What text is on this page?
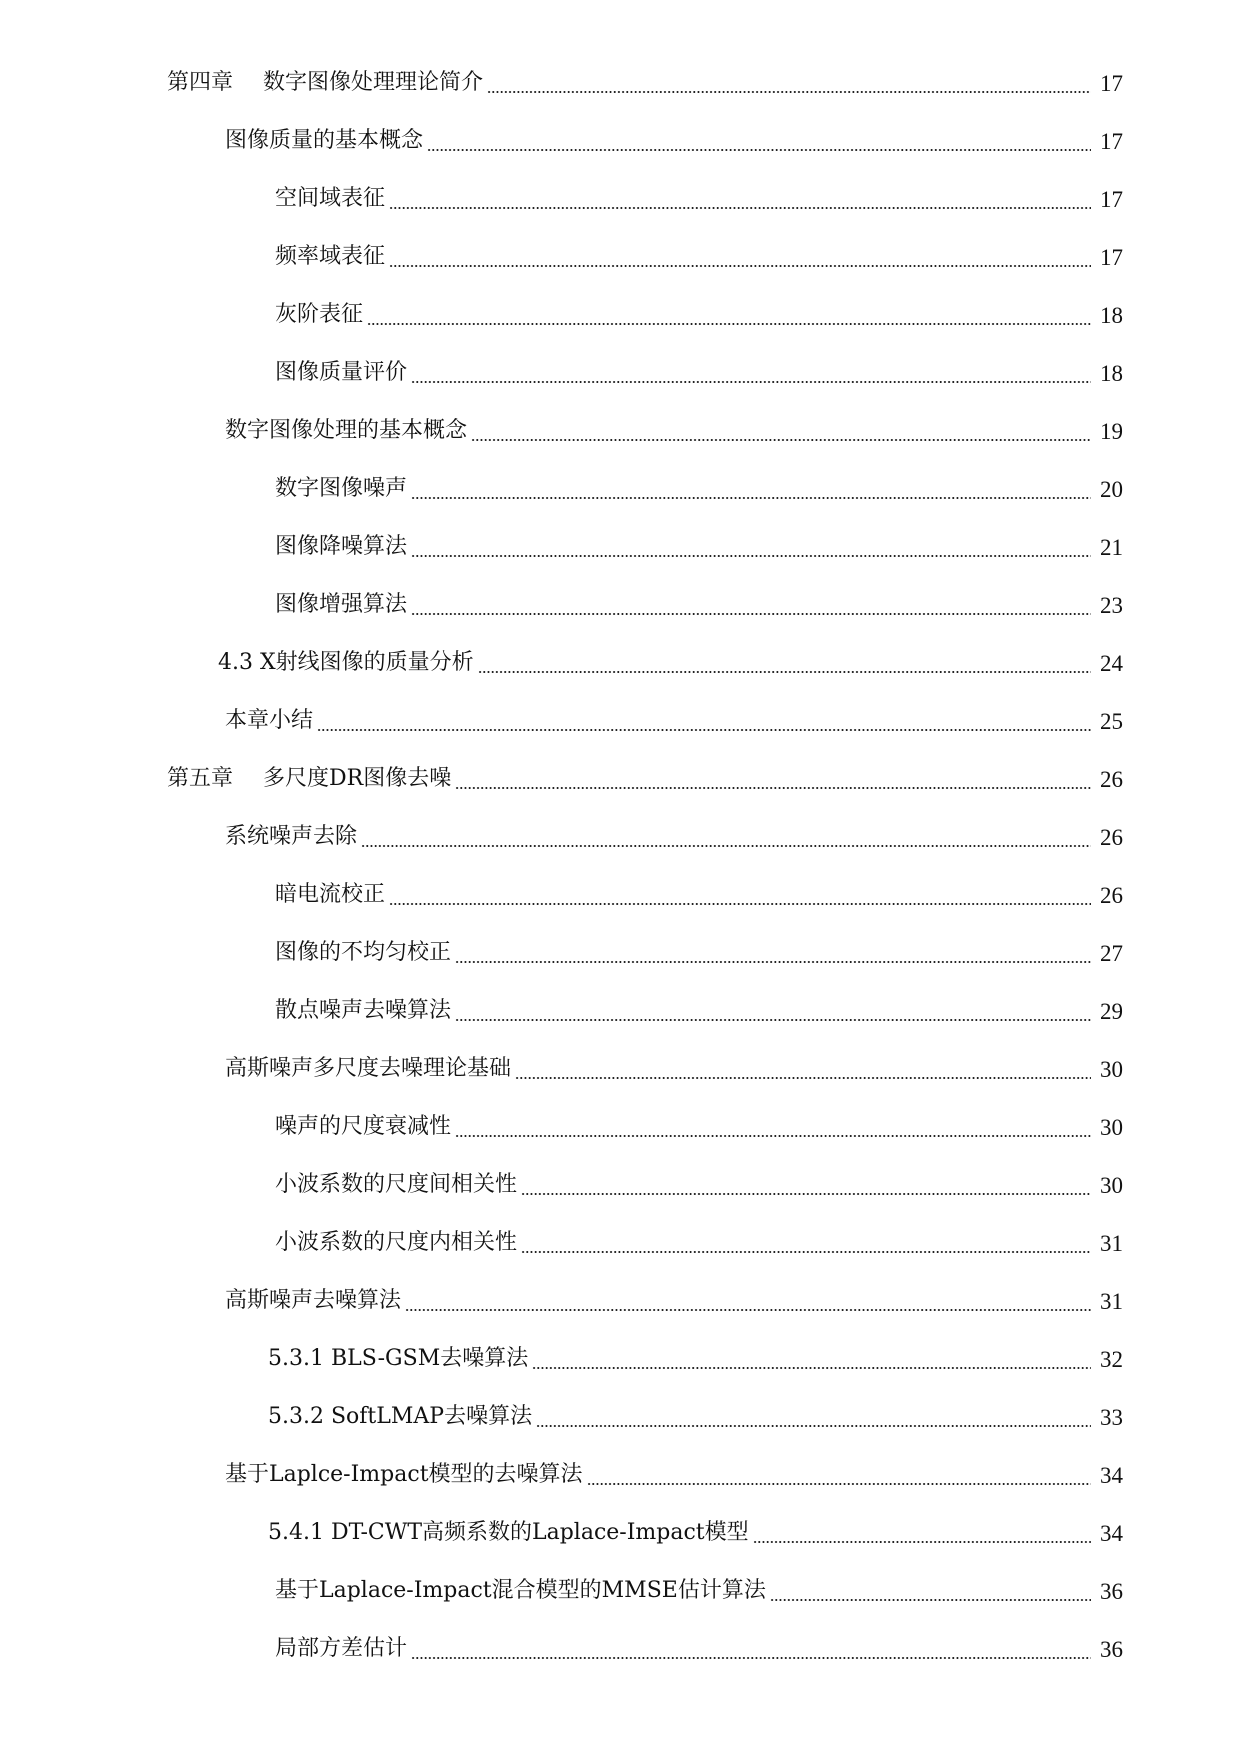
第四章 数字图像处理理论简介	17
图像质量的基本概念	17
空间域表征	17
频率域表征	17
灰阶表征	18
图像质量评价	18
数字图像处理的基本概念	19
数字图像噪声	20
图像降噪算法	21
图像增强算法	23
4.3 X射线图像的质量分析	24
本章小结	25
第五章 多尺度DR图像去噪	26
系统噪声去除	26
暗电流校正	26
图像的不均匀校正	27
散点噪声去噪算法	29
高斯噪声多尺度去噪理论基础	30
噪声的尺度衰减性	30
小波系数的尺度间相关性	30
小波系数的尺度内相关性	31
高斯噪声去噪算法	31
5.3.1 BLS-GSM去噪算法	32
5.3.2 SoftLMAP去噪算法	33
基于Laplce-Impact模型的去噪算法	34
5.4.1 DT-CWT高频系数的Laplace-Impact模型	34
基于Laplace-Impact混合模型的MMSE估计算法	36
局部方差估计	36
